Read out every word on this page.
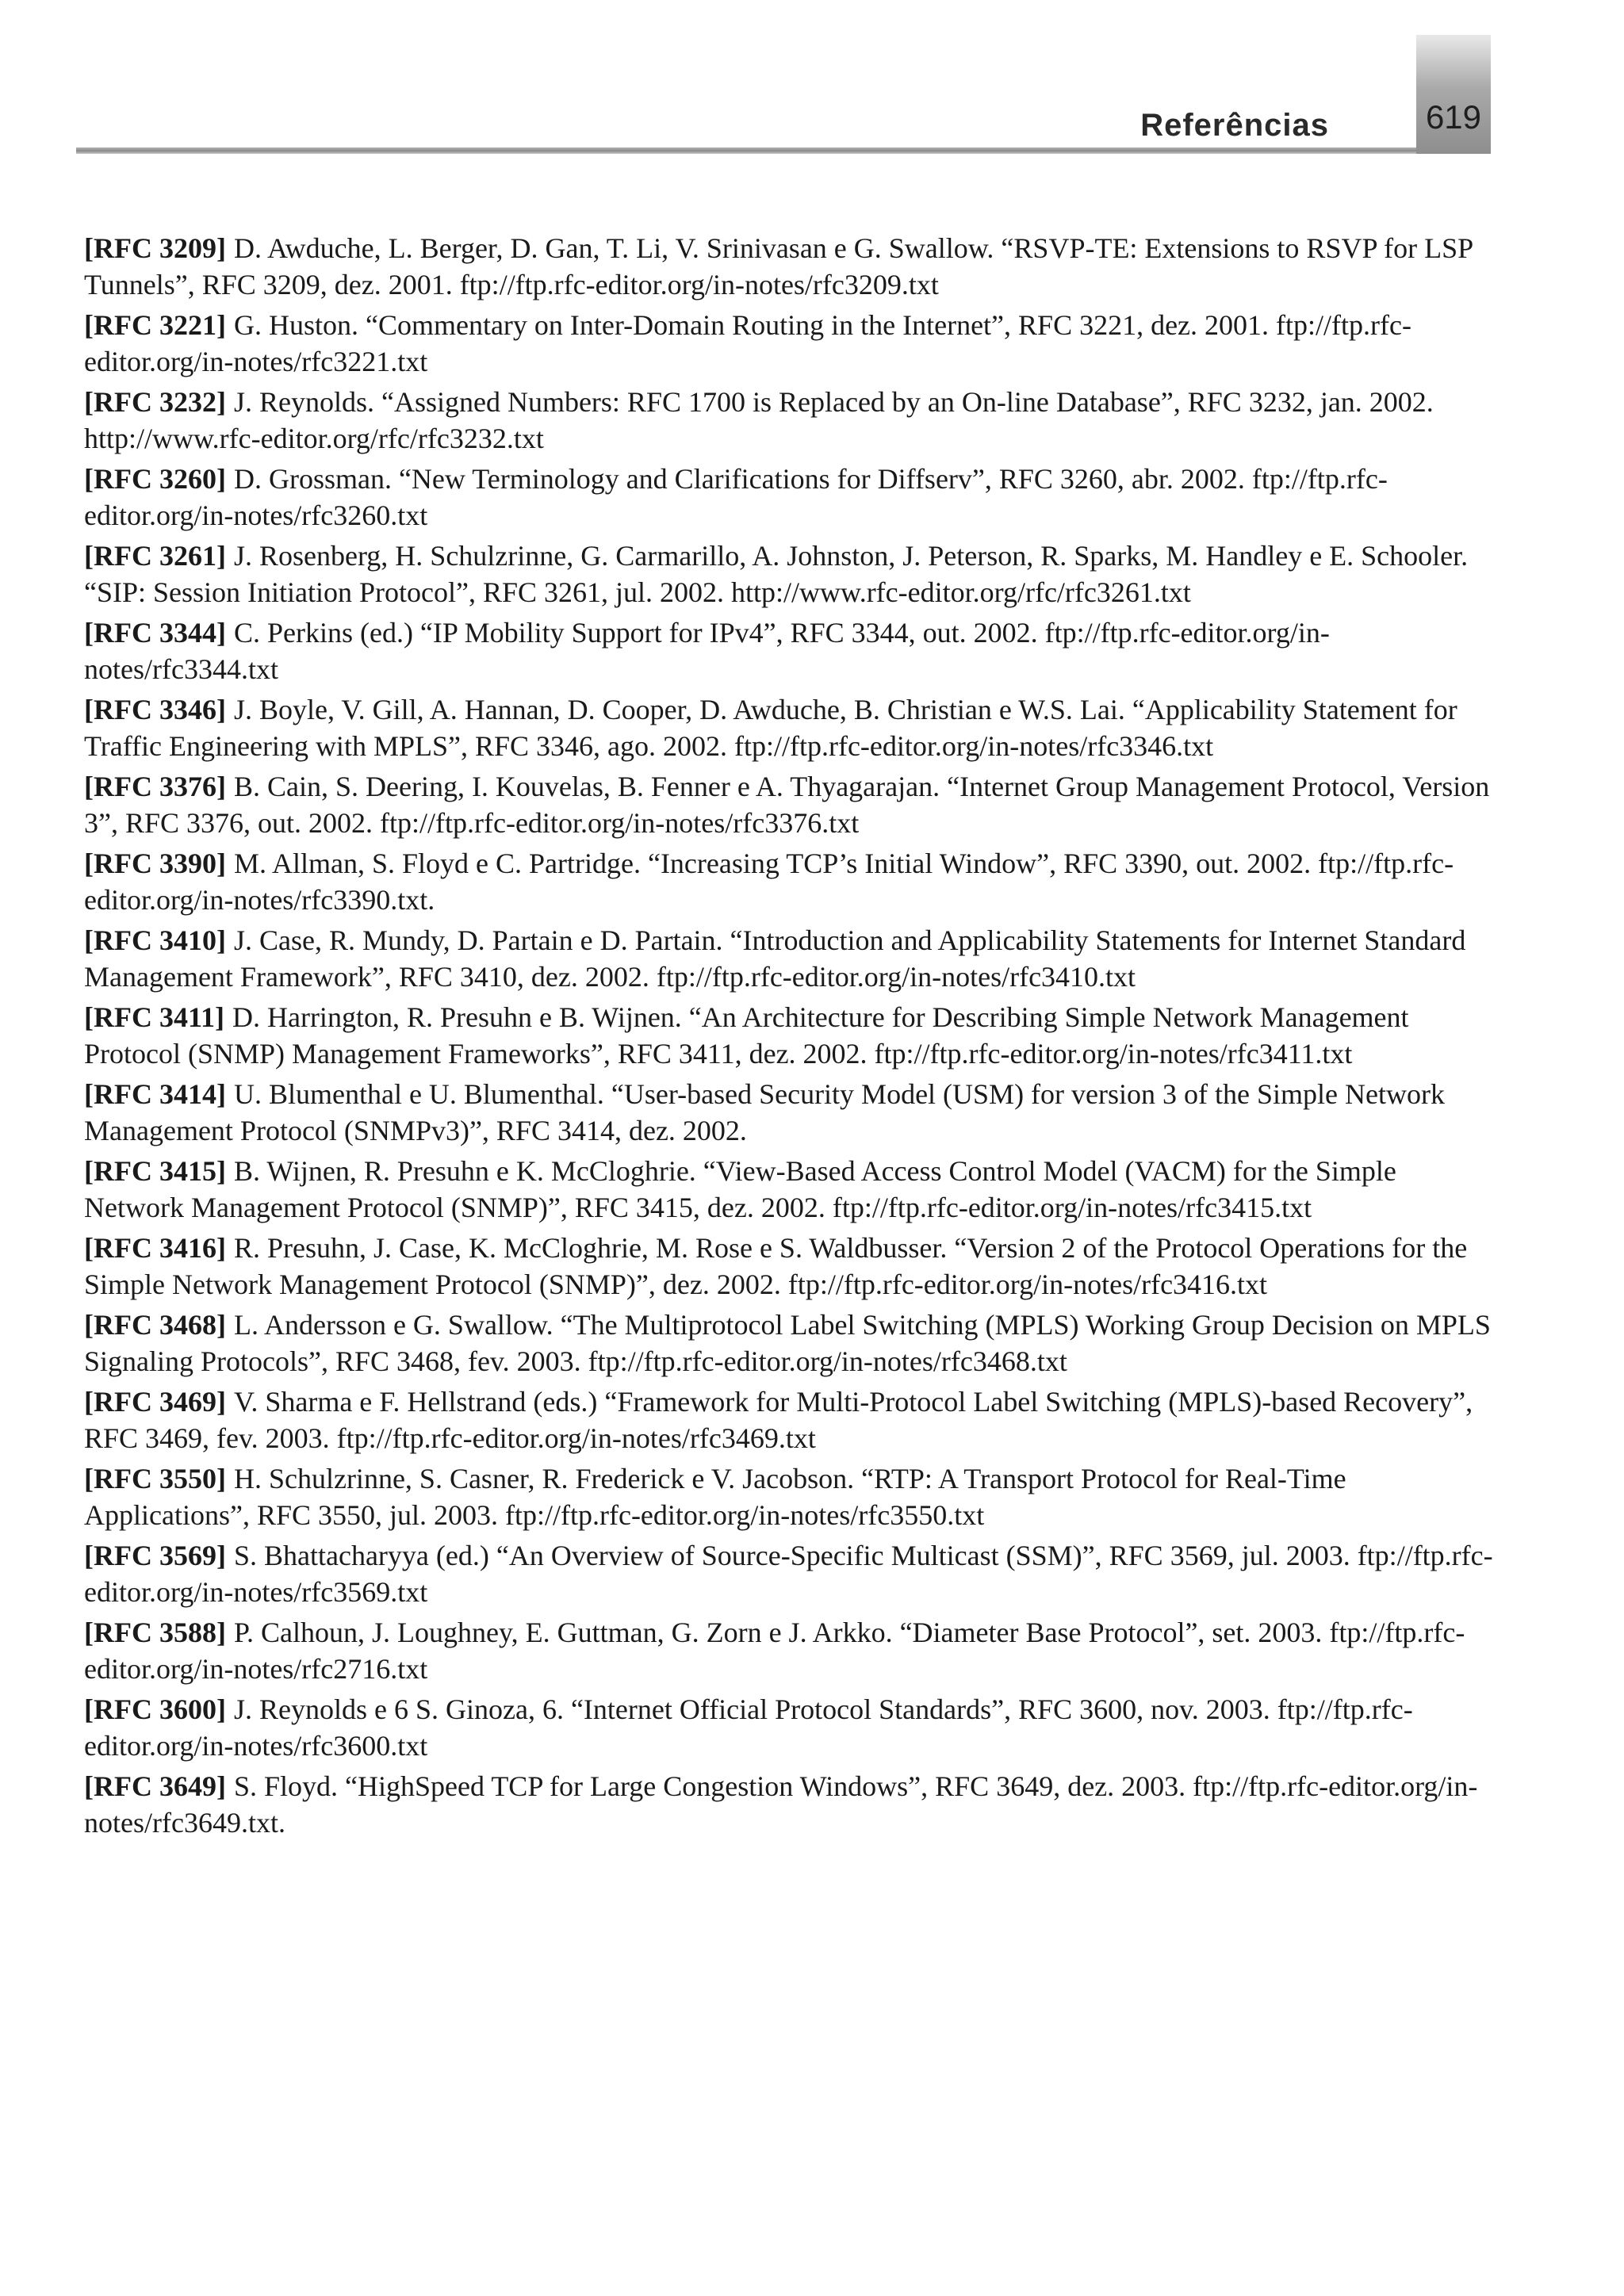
Referências	619
[RFC 3209] D. Awduche, L. Berger, D. Gan, T. Li, V. Srinivasan e G. Swallow. “RSVP-TE: Extensions to RSVP for LSP Tunnels”, RFC 3209, dez. 2001. ftp://ftp.rfc-editor.org/in-notes/rfc3209.txt
[RFC 3221] G. Huston. “Commentary on Inter-Domain Routing in the Internet”, RFC 3221, dez. 2001. ftp://ftp.rfc-editor.org/in-notes/rfc3221.txt
[RFC 3232] J. Reynolds. “Assigned Numbers: RFC 1700 is Replaced by an On-line Database”, RFC 3232, jan. 2002. http://www.rfc-editor.org/rfc/rfc3232.txt
[RFC 3260] D. Grossman. “New Terminology and Clarifications for Diffserv”, RFC 3260, abr. 2002. ftp://ftp.rfc-editor.org/in-notes/rfc3260.txt
[RFC 3261] J. Rosenberg, H. Schulzrinne, G. Carmarillo, A. Johnston, J. Peterson, R. Sparks, M. Handley e E. Schooler. “SIP: Session Initiation Protocol”, RFC 3261, jul. 2002. http://www.rfc-editor.org/rfc/rfc3261.txt
[RFC 3344] C. Perkins (ed.) “IP Mobility Support for IPv4”, RFC 3344, out. 2002. ftp://ftp.rfc-editor.org/in-notes/rfc3344.txt
[RFC 3346] J. Boyle, V. Gill, A. Hannan, D. Cooper, D. Awduche, B. Christian e W.S. Lai. “Applicability Statement for Traffic Engineering with MPLS”, RFC 3346, ago. 2002. ftp://ftp.rfc-editor.org/in-notes/rfc3346.txt
[RFC 3376] B. Cain, S. Deering, I. Kouvelas, B. Fenner e A. Thyagarajan. “Internet Group Management Protocol, Version 3”, RFC 3376, out. 2002. ftp://ftp.rfc-editor.org/in-notes/rfc3376.txt
[RFC 3390] M. Allman, S. Floyd e C. Partridge. “Increasing TCP’s Initial Window”, RFC 3390, out. 2002. ftp://ftp.rfc-editor.org/in-notes/rfc3390.txt.
[RFC 3410] J. Case, R. Mundy, D. Partain e D. Partain. “Introduction and Applicability Statements for Internet Standard Management Framework”, RFC 3410, dez. 2002. ftp://ftp.rfc-editor.org/in-notes/rfc3410.txt
[RFC 3411] D. Harrington, R. Presuhn e B. Wijnen. “An Architecture for Describing Simple Network Management Protocol (SNMP) Management Frameworks”, RFC 3411, dez. 2002. ftp://ftp.rfc-editor.org/in-notes/rfc3411.txt
[RFC 3414] U. Blumenthal e U. Blumenthal. “User-based Security Model (USM) for version 3 of the Simple Network Management Protocol (SNMPv3)”, RFC 3414, dez. 2002.
[RFC 3415] B. Wijnen, R. Presuhn e K. McCloghrie. “View-Based Access Control Model (VACM) for the Simple Network Management Protocol (SNMP)”, RFC 3415, dez. 2002. ftp://ftp.rfc-editor.org/in-notes/rfc3415.txt
[RFC 3416] R. Presuhn, J. Case, K. McCloghrie, M. Rose e S. Waldbusser. “Version 2 of the Protocol Operations for the Simple Network Management Protocol (SNMP)”, dez. 2002. ftp://ftp.rfc-editor.org/in-notes/rfc3416.txt
[RFC 3468] L. Andersson e G. Swallow. “The Multiprotocol Label Switching (MPLS) Working Group Decision on MPLS Signaling Protocols”, RFC 3468, fev. 2003. ftp://ftp.rfc-editor.org/in-notes/rfc3468.txt
[RFC 3469] V. Sharma e F. Hellstrand (eds.) “Framework for Multi-Protocol Label Switching (MPLS)-based Recovery”, RFC 3469, fev. 2003. ftp://ftp.rfc-editor.org/in-notes/rfc3469.txt
[RFC 3550] H. Schulzrinne, S. Casner, R. Frederick e V. Jacobson. “RTP: A Transport Protocol for Real-Time Applications”, RFC 3550, jul. 2003. ftp://ftp.rfc-editor.org/in-notes/rfc3550.txt
[RFC 3569] S. Bhattacharyya (ed.) “An Overview of Source-Specific Multicast (SSM)”, RFC 3569, jul. 2003. ftp://ftp.rfc-editor.org/in-notes/rfc3569.txt
[RFC 3588] P. Calhoun, J. Loughney, E. Guttman, G. Zorn e J. Arkko. “Diameter Base Protocol”, set. 2003. ftp://ftp.rfc-editor.org/in-notes/rfc2716.txt
[RFC 3600] J. Reynolds e 6 S. Ginoza, 6. “Internet Official Protocol Standards”, RFC 3600, nov. 2003. ftp://ftp.rfc-editor.org/in-notes/rfc3600.txt
[RFC 3649] S. Floyd. “HighSpeed TCP for Large Congestion Windows”, RFC 3649, dez. 2003. ftp://ftp.rfc-editor.org/in-notes/rfc3649.txt.
